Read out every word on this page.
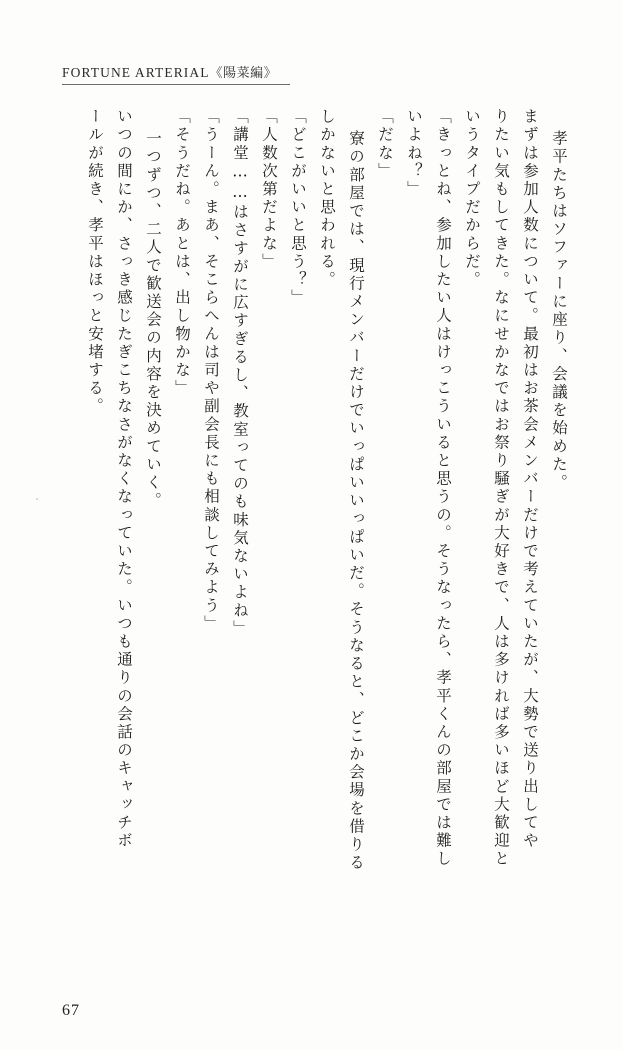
FORTUNE ARTERIAL《陽菜編》
孝平たちはソファーに座り、会議を始めた。
まずは参加人数について。最初はお茶会メンバーだけで考えていたが、大勢で送り出してや
りたい気もしてきた。なにせかなではお祭り騒ぎが大好きで、人は多ければ多いほど大歓迎と
いうタイプだからだ。
「きっとね、参加したい人はけっこういると思うの。そうなったら、孝平くんの部屋では難し
いよね？」
「だな」
寮の部屋では、現行メンバーだけでいっぱいいっぱいだ。そうなると、どこか会場を借りる
しかないと思われる。
「どこがいいと思う？」
「人数次第だよな」
「講堂……はさすがに広すぎるし、教室ってのも味気ないよね」
「うーん。まあ、そこらへんは司や副会長にも相談してみよう」
「そうだね。あとは、出し物かな」
一つずつ、二人で歓送会の内容を決めていく。
いつの間にか、さっき感じたぎこちなさがなくなっていた。いつも通りの会話のキャッチボ
ールが続き、孝平はほっと安堵する。
67
